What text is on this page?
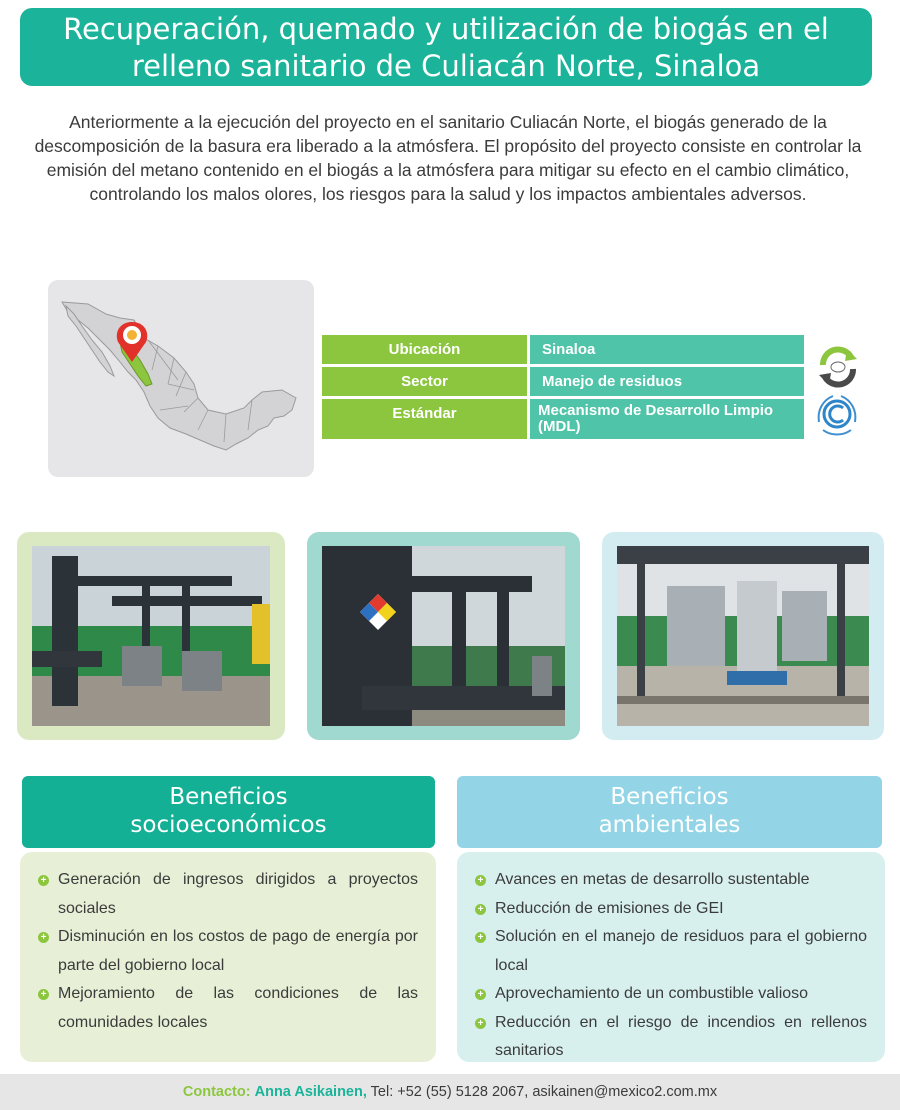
Recuperación, quemado y utilización de biogás en el
relleno sanitario de Culiacán Norte, Sinaloa

Anteriormente a la ejecución del proyecto en el sanitario Culiacán Norte, el biogás generado de la descomposición de la basura era liberado a la atmósfera. El propósito del proyecto consiste en controlar la emisión del metano contenido en el biogás a la atmósfera para mitigar su efecto en el cambio climático, controlando los malos olores, los riesgos para la salud y los impactos ambientales adversos.

Ubicación	Sinaloa
Sector	Manejo de residuos
Estándar	Mecanismo de Desarrollo Limpio (MDL)
Beneficios
socioeconómicos
Beneficios
ambientales
+ Generación de ingresos dirigidos a proyectos sociales
+ Disminución en los costos de pago de energía por parte del gobierno local
+ Mejoramiento de las condiciones de las comunidades locales
+ Avances en metas de desarrollo sustentable
+ Reducción de emisiones de GEI
+ Solución en el manejo de residuos para el gobierno local
+ Aprovechamiento de un combustible valioso
+ Reducción en el riesgo de incendios en rellenos sanitarios
Contacto: Anna Asikainen, Tel: +52 (55) 5128 2067, asikainen@mexico2.com.mx
